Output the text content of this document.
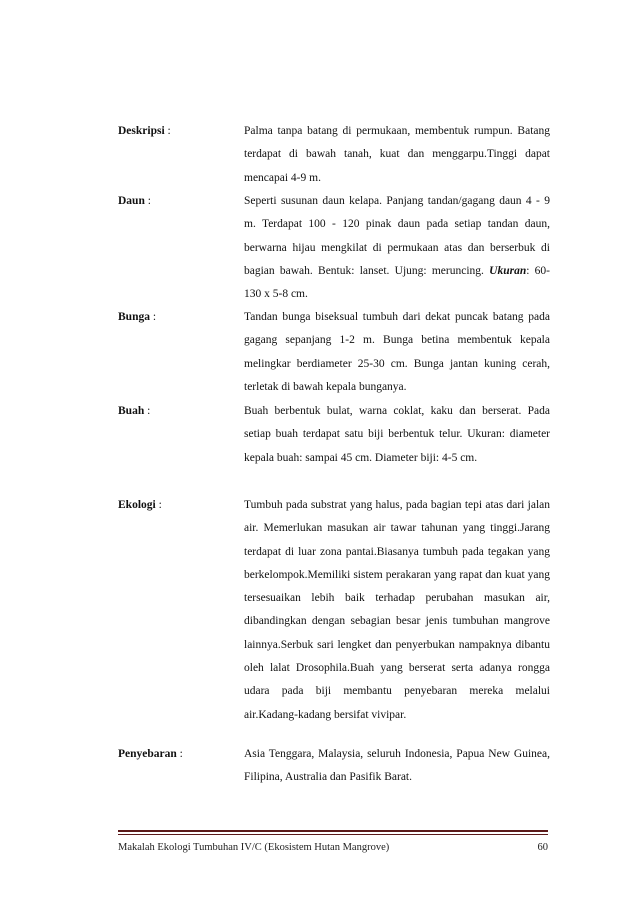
Deskripsi :	Palma tanpa batang di permukaan, membentuk rumpun. Batang terdapat di bawah tanah, kuat dan menggarpu.Tinggi dapat mencapai 4-9 m.
Daun :	Seperti susunan daun kelapa. Panjang tandan/gagang daun 4 - 9 m. Terdapat 100 - 120 pinak daun pada setiap tandan daun, berwarna hijau mengkilat di permukaan atas dan berserbuk di bagian bawah. Bentuk: lanset. Ujung: meruncing. Ukuran: 60-130 x 5-8 cm.
Bunga :	Tandan bunga biseksual tumbuh dari dekat puncak batang pada gagang sepanjang 1-2 m. Bunga betina membentuk kepala melingkar berdiameter 25-30 cm. Bunga jantan kuning cerah, terletak di bawah kepala bunganya.
Buah :	Buah berbentuk bulat, warna coklat, kaku dan berserat. Pada setiap buah terdapat satu biji berbentuk telur. Ukuran: diameter kepala buah: sampai 45 cm. Diameter biji: 4-5 cm.
Ekologi :	Tumbuh pada substrat yang halus, pada bagian tepi atas dari jalan air. Memerlukan masukan air tawar tahunan yang tinggi.Jarang terdapat di luar zona pantai.Biasanya tumbuh pada tegakan yang berkelompok.Memiliki sistem perakaran yang rapat dan kuat yang tersesuaikan lebih baik terhadap perubahan masukan air, dibandingkan dengan sebagian besar jenis tumbuhan mangrove lainnya.Serbuk sari lengket dan penyerbukan nampaknya dibantu oleh lalat Drosophila.Buah yang berserat serta adanya rongga udara pada biji membantu penyebaran mereka melalui air.Kadang-kadang bersifat vivipar.
Penyebaran :	Asia Tenggara, Malaysia, seluruh Indonesia, Papua New Guinea, Filipina, Australia dan Pasifik Barat.
Makalah Ekologi Tumbuhan IV/C (Ekosistem Hutan Mangrove)	60
